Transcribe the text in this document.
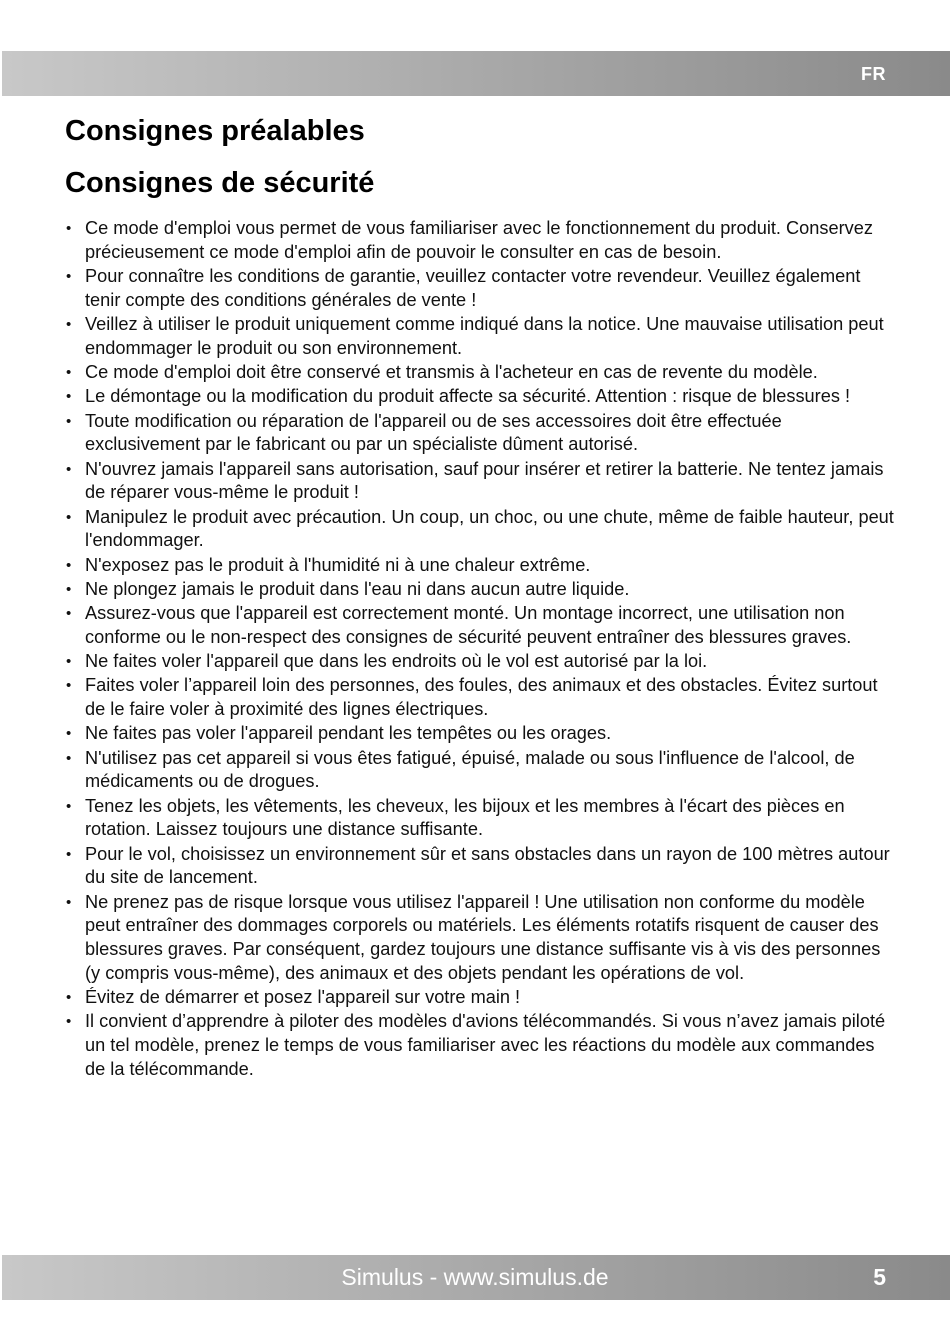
FR
Consignes préalables
Consignes de sécurité
• Ce mode d'emploi vous permet de vous familiariser avec le fonctionnement du produit. Conservez précieusement ce mode d'emploi afin de pouvoir le consulter en cas de besoin.
• Pour connaître les conditions de garantie, veuillez contacter votre revendeur. Veuillez également tenir compte des conditions générales de vente !
• Veillez à utiliser le produit uniquement comme indiqué dans la notice. Une mauvaise utilisation peut endommager le produit ou son environnement.
• Ce mode d'emploi doit être conservé et transmis à l'acheteur en cas de revente du modèle.
• Le démontage ou la modification du produit affecte sa sécurité. Attention : risque de blessures !
• Toute modification ou réparation de l'appareil ou de ses accessoires doit être effectuée exclusivement par le fabricant ou par un spécialiste dûment autorisé.
• N'ouvrez jamais l'appareil sans autorisation, sauf pour insérer et retirer la batterie. Ne tentez jamais de réparer vous-même le produit !
• Manipulez le produit avec précaution. Un coup, un choc, ou une chute, même de faible hauteur, peut l'endommager.
• N'exposez pas le produit à l'humidité ni à une chaleur extrême.
• Ne plongez jamais le produit dans l'eau ni dans aucun autre liquide.
• Assurez-vous que l'appareil est correctement monté. Un montage incorrect, une utilisation non conforme ou le non-respect des consignes de sécurité peuvent entraîner des blessures graves.
• Ne faites voler l'appareil que dans les endroits où le vol est autorisé par la loi.
• Faites voler l’appareil loin des personnes, des foules, des animaux et des obstacles. Évitez surtout de le faire voler à proximité des lignes électriques.
• Ne faites pas voler l'appareil pendant les tempêtes ou les orages.
• N'utilisez pas cet appareil si vous êtes fatigué, épuisé, malade ou sous l'influence de l'alcool, de médicaments ou de drogues.
• Tenez les objets, les vêtements, les cheveux, les bijoux et les membres à l'écart des pièces en rotation. Laissez toujours une distance suffisante.
• Pour le vol, choisissez un environnement sûr et sans obstacles dans un rayon de 100 mètres autour du site de lancement.
• Ne prenez pas de risque lorsque vous utilisez l'appareil ! Une utilisation non conforme du modèle peut entraîner des dommages corporels ou matériels. Les éléments rotatifs risquent de causer des blessures graves. Par conséquent, gardez toujours une distance suffisante vis à vis des personnes (y compris vous-même), des animaux et des objets pendant les opérations de vol.
• Évitez de démarrer et posez l'appareil sur votre main !
• Il convient d’apprendre à piloter des modèles d'avions télécommandés. Si vous n’avez jamais piloté un tel modèle, prenez le temps de vous familiariser avec les réactions du modèle aux commandes de la télécommande.
Simulus - www.simulus.de	5
